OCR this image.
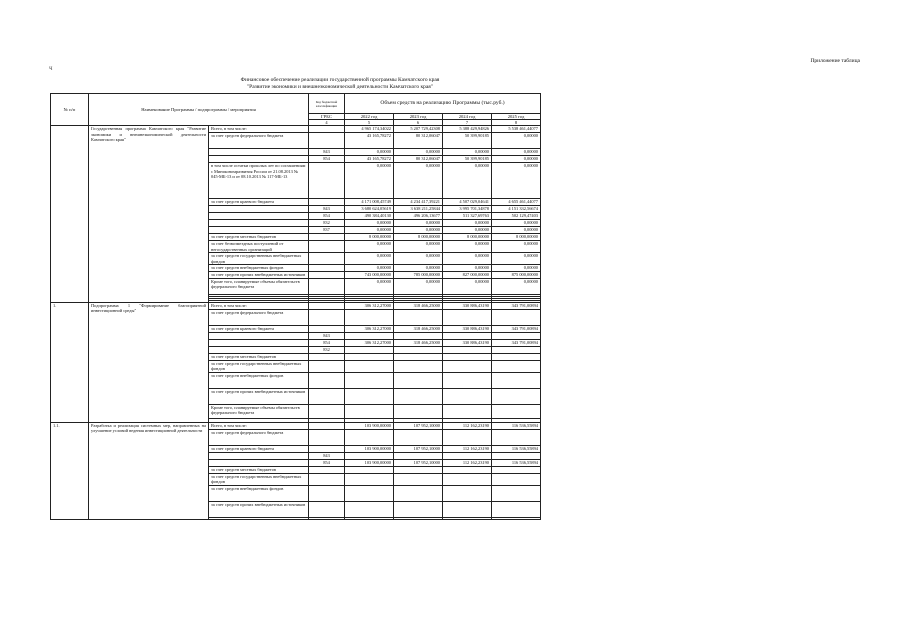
ч
Приложение таблица
Финансовое обеспечение реализации государственной программы Камчатского края
"Развитие экономики и внешнеэкономической деятельности Камчатского края"
№ п/п	Наименование Программы / подпрограммы / мероприятия		Код бюджетной классификации	Объем средств на реализацию Программы (тыс.руб.)				
			ГРБС	2022 год	2023 год	2024 год	2025 год	
			4	5	6	7	8	
	Государственная программа Камчатского края "Развитие экономики и внешнеэкономической деятельности Камчатского края"	Всего, в том числе:		4 965 174,34022	5 207 729,42308	5 388 429,94826	5 538 461,44077	
		за счет средств федерального бюджета		43 165,78272	80 312,06047	50 399,90185	0,00000	
			843	0,00000	0,00000	0,00000	0,00000	
			854	43 165,78272	80 312,06047	50 399,90185	0,00000	
		в том числе остатки прошлых лет по соглашениям с Минэкономразвития России от 21.08.2013 № 045-МБ-13 и от 08.10.2013 № 117-МБ-13		0,00000	0,00000	0,00000	0,00000	
		за счет средств краевого бюджета		4 171 008,45749	4 234 417,39221	4 507 029,04641	4 655 461,44077	
			843	3 680 624,05619	3 638 211,25844	3 995 701,34878	4 151 332,56674	
			854	490 384,40130	496 206,13677	511 327,69763	502 129,47403	
			832	0,00000	0,00000	0,00000	0,00000	
			837	0,00000	0,00000	0,00000	0,00000	
		за счет средств местных бюджетов		8 000,00000	8 000,00000	8 000,00000	8 000,00000	
		за счет безвозмездных поступлений от негосударственных организаций		0,00000	0,00000	0,00000	0,00000	
		за счет средств государственных внебюджетных фондов		0,00000	0,00000	0,00000	0,00000	
		за счет средств внебюджетных фондов		0,00000	0,00000	0,00000	0,00000	
		за счет средств прочих внебюджетных источников		743 000,00000	785 000,00000	827 000,00000	875 000,00000	
		Кроме того, планируемые объемы обязательств федерального бюджета		0,00000	0,00000	0,00000	0,00000	

1.	Подпрограмма 1 "Формирование благоприятной инвестиционной среды"	Всего, в том числе:		306 312,27000	318 466,25000	330 886,43190	343 791,00894	
		за счет средств федерального бюджета						
		за счет средств краевого бюджета		306 312,27000	318 466,25000	330 886,43190	343 791,00894	
			843					
			854	306 312,27000	318 466,25000	330 886,43190	343 791,00894	
			832					
		за счет средств местных бюджетов						
		за счет средств государственных внебюджетных фондов						
		за счет средств внебюджетных фондов						
		за счет средств прочих внебюджетных источников						
		Кроме того, планируемые объемы обязательств федерального бюджета						

1.1.	Разработка и реализация системных мер, направленных на улучшение условий ведения инвестиционной деятельности	Всего, в том числе:		103 900,00000	107 952,10000	112 162,23190	116 536,55894	
		за счет средств федерального бюджета						
		за счет средств краевого бюджета		103 900,00000	107 952,10000	112 162,23190	116 536,55894	
			843					
			854	103 900,00000	107 952,10000	112 162,23190	116 536,55894	
		за счет средств местных бюджетов						
		за счет средств государственных внебюджетных фондов						
		за счет средств внебюджетных фондов						
		за счет средств прочих внебюджетных источников						
